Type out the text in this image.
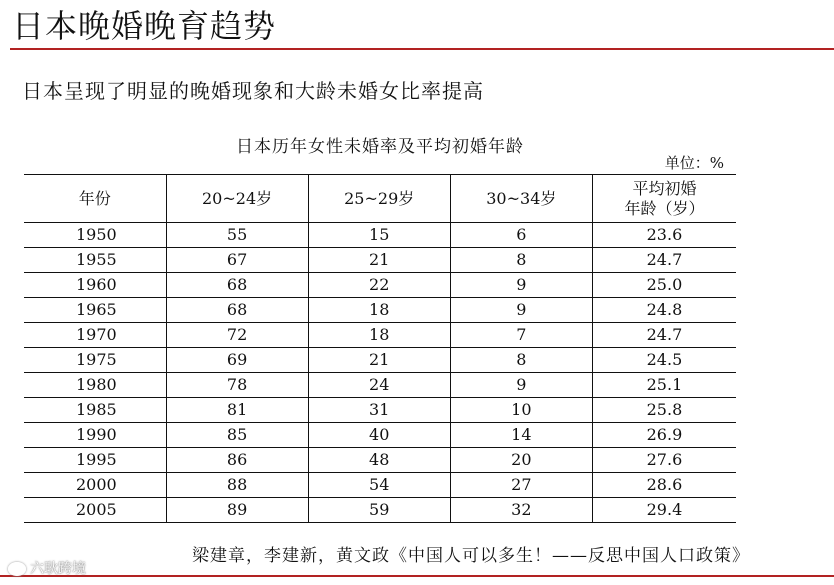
日本晚婚晚育趋势
日本呈现了明显的晚婚现象和大龄未婚女比率提高
日本历年女性未婚率及平均初婚年龄
单位：%
年份	20~24岁	25~29岁	30~34岁	平均初婚
年龄（岁）
1950	55	15	6	23.6
1955	67	21	8	24.7
1960	68	22	9	25.0
1965	68	18	9	24.8
1970	72	18	7	24.7
1975	69	21	8	24.5
1980	78	24	9	25.1
1985	81	31	10	25.8
1990	85	40	14	26.9
1995	86	48	20	27.6
2000	88	54	27	28.6
2005	89	59	32	29.4
梁建章，李建新，黄文政《中国人可以多生！——反思中国人口政策》
六耿跨境
